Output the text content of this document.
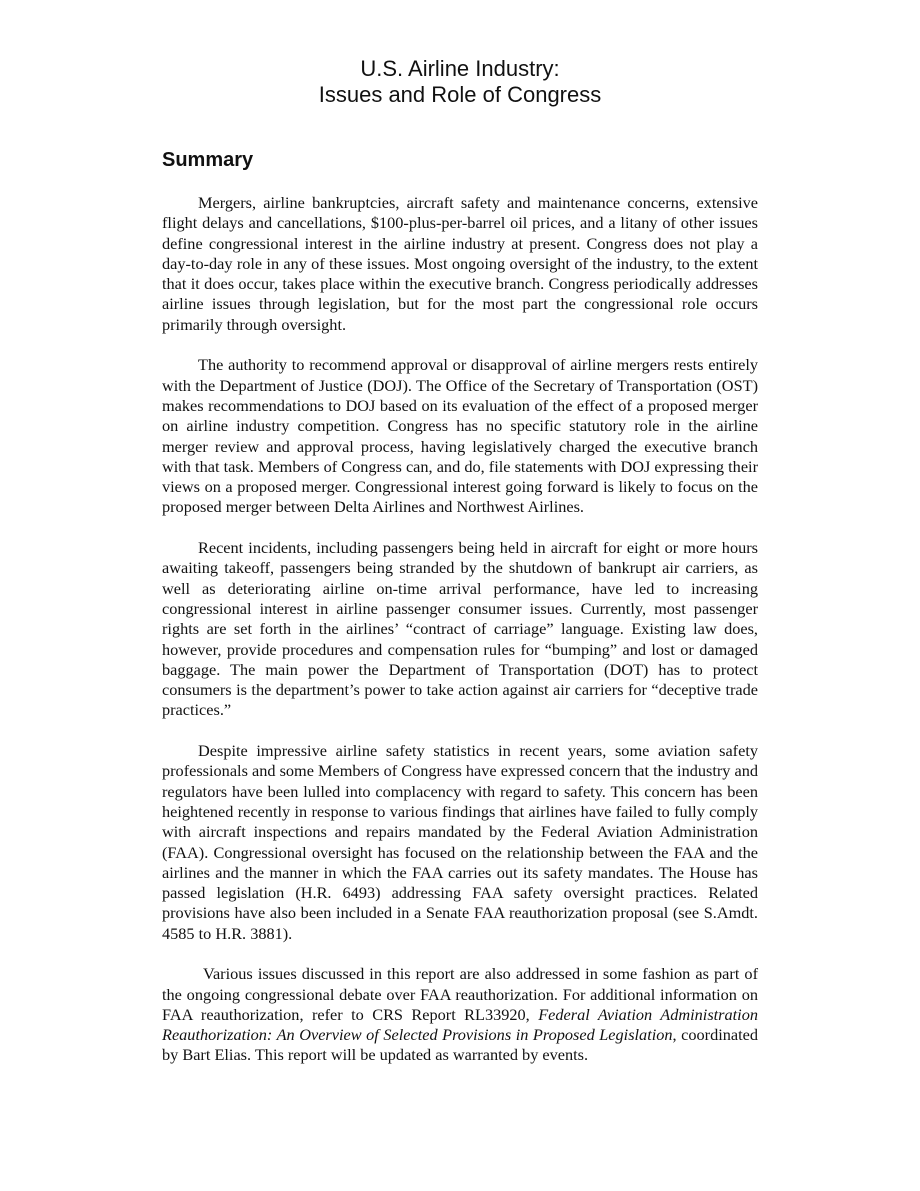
U.S. Airline Industry:
Issues and Role of Congress
Summary

Mergers, airline bankruptcies, aircraft safety and maintenance concerns, extensive flight delays and cancellations, $100-plus-per-barrel oil prices, and a litany of other issues define congressional interest in the airline industry at present. Congress does not play a day-to-day role in any of these issues. Most ongoing oversight of the industry, to the extent that it does occur, takes place within the executive branch. Congress periodically addresses airline issues through legislation, but for the most part the congressional role occurs primarily through oversight.

The authority to recommend approval or disapproval of airline mergers rests entirely with the Department of Justice (DOJ). The Office of the Secretary of Transportation (OST) makes recommendations to DOJ based on its evaluation of the effect of a proposed merger on airline industry competition. Congress has no specific statutory role in the airline merger review and approval process, having legislatively charged the executive branch with that task. Members of Congress can, and do, file statements with DOJ expressing their views on a proposed merger. Congressional interest going forward is likely to focus on the proposed merger between Delta Airlines and Northwest Airlines.

Recent incidents, including passengers being held in aircraft for eight or more hours awaiting takeoff, passengers being stranded by the shutdown of bankrupt air carriers, as well as deteriorating airline on-time arrival performance, have led to increasing congressional interest in airline passenger consumer issues. Currently, most passenger rights are set forth in the airlines’ “contract of carriage” language. Existing law does, however, provide procedures and compensation rules for “bumping” and lost or damaged baggage. The main power the Department of Transportation (DOT) has to protect consumers is the department’s power to take action against air carriers for “deceptive trade practices.”

Despite impressive airline safety statistics in recent years, some aviation safety professionals and some Members of Congress have expressed concern that the industry and regulators have been lulled into complacency with regard to safety. This concern has been heightened recently in response to various findings that airlines have failed to fully comply with aircraft inspections and repairs mandated by the Federal Aviation Administration (FAA). Congressional oversight has focused on the relationship between the FAA and the airlines and the manner in which the FAA carries out its safety mandates. The House has passed legislation (H.R. 6493) addressing FAA safety oversight practices. Related provisions have also been included in a Senate FAA reauthorization proposal (see S.Amdt. 4585 to H.R. 3881).

Various issues discussed in this report are also addressed in some fashion as part of the ongoing congressional debate over FAA reauthorization. For additional information on FAA reauthorization, refer to CRS Report RL33920, Federal Aviation Administration Reauthorization: An Overview of Selected Provisions in Proposed Legislation, coordinated by Bart Elias. This report will be updated as warranted by events.
